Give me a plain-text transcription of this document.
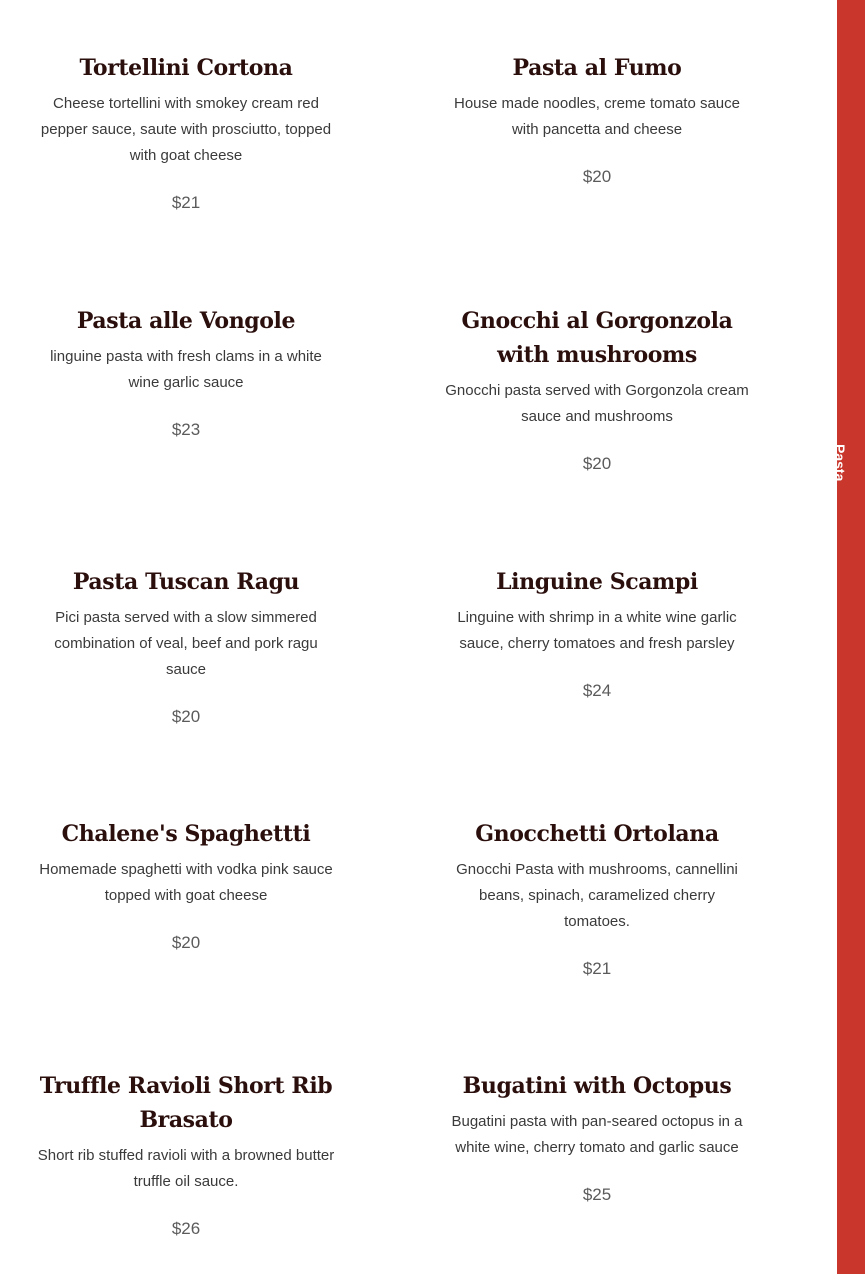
Tortellini Cortona

Cheese tortellini with smokey cream red pepper sauce, saute with prosciutto, topped with goat cheese

$21
Pasta al Fumo

House made noodles, creme tomato sauce with pancetta and cheese

$20
Pasta alle Vongole

linguine pasta with fresh clams in a white wine garlic sauce

$23
Gnocchi al Gorgonzola with mushrooms

Gnocchi pasta served with Gorgonzola cream sauce and mushrooms

$20
Pasta Tuscan Ragu

Pici pasta served with a slow simmered combination of veal, beef and pork ragu sauce

$20
Linguine Scampi

Linguine with shrimp in a white wine garlic sauce, cherry tomatoes and fresh parsley

$24
Chalene's Spaghettti

Homemade spaghetti with vodka pink sauce topped with goat cheese

$20
Gnocchetti Ortolana

Gnocchi Pasta with mushrooms, cannellini beans, spinach, caramelized cherry tomatoes.

$21
Truffle Ravioli Short Rib Brasato

Short rib stuffed ravioli with a browned butter truffle oil sauce.

$26
Bugatini with Octopus

Bugatini pasta with pan-seared octopus in a white wine, cherry tomato and garlic sauce

$25
Pasta
